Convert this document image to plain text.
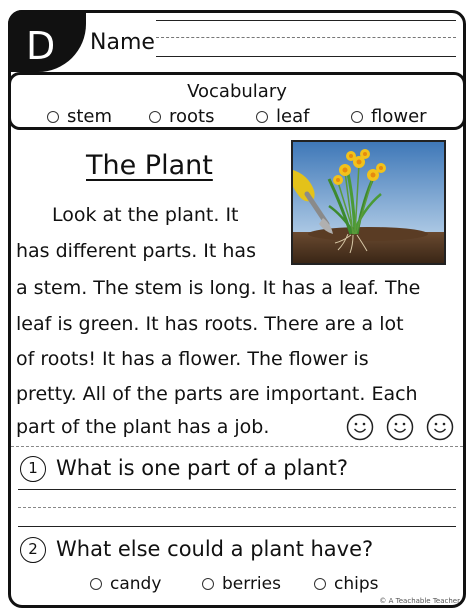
D Name
Vocabulary
stem	roots	leaf	flower
The Plant
Look at the plant. It
has different parts. It has
a stem. The stem is long. It has a leaf. The
leaf is green. It has roots. There are a lot
of roots! It has a flower. The flower is
pretty. All of the parts are important. Each
part of the plant has a job.
1 What is one part of a plant?
2 What else could a plant have?
candy	berries	chips
© A Teachable Teacher
